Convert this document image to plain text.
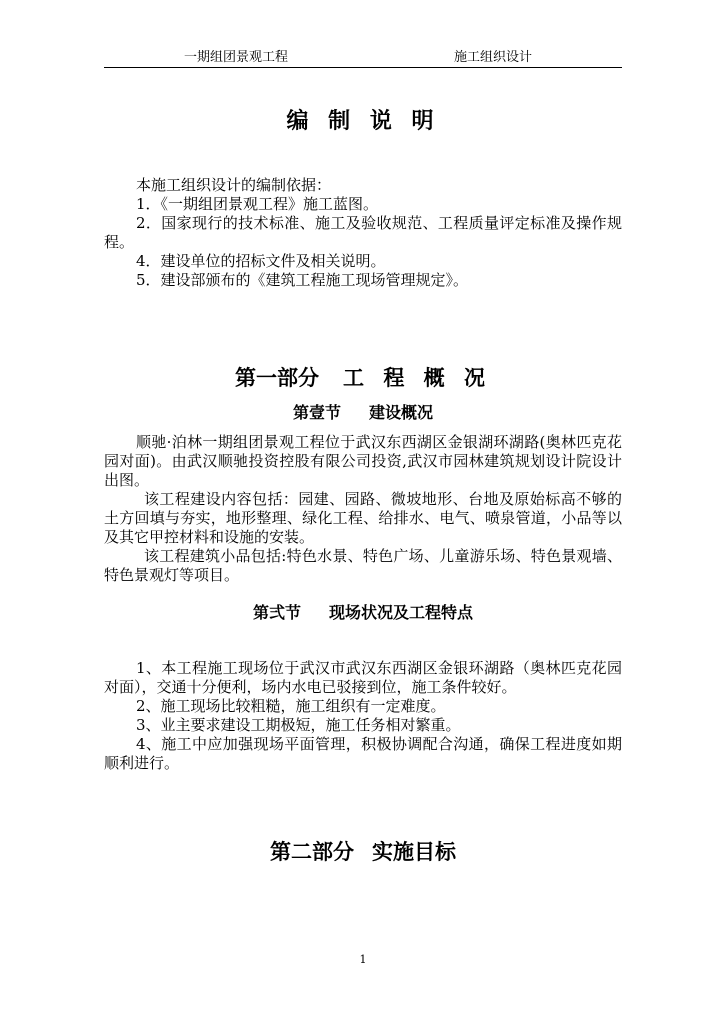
一期组团景观工程	施工组织设计
编 制 说 明

本施工组织设计的编制依据：

1．《一期组团景观工程》施工蓝图。

2．国家现行的技术标准、施工及验收规范、工程质量评定标准及操作规程。

4．建设单位的招标文件及相关说明。

5．建设部颁布的《建筑工程施工现场管理规定》。

第一部分 工 程 概 况
第壹节 建设概况

顺驰·泊林一期组团景观工程位于武汉东西湖区金银湖环湖路(奥林匹克花园对面)。由武汉顺驰投资控股有限公司投资,武汉市园林建筑规划设计院设计出图。

该工程建设内容包括：园建、园路、微坡地形、台地及原始标高不够的土方回填与夯实，地形整理、绿化工程、给排水、电气、喷泉管道，小品等以及其它甲控材料和设施的安装。

该工程建筑小品包括:特色水景、特色广场、儿童游乐场、特色景观墙、特色景观灯等项目。

第弍节 现场状况及工程特点

1、本工程施工现场位于武汉市武汉东西湖区金银环湖路（奥林匹克花园对面），交通十分便利，场内水电已驳接到位，施工条件较好。

2、施工现场比较粗糙，施工组织有一定难度。

3、业主要求建设工期极短，施工任务相对繁重。

4、施工中应加强现场平面管理，积极协调配合沟通，确保工程进度如期顺利进行。

第二部分 实施目标
1
